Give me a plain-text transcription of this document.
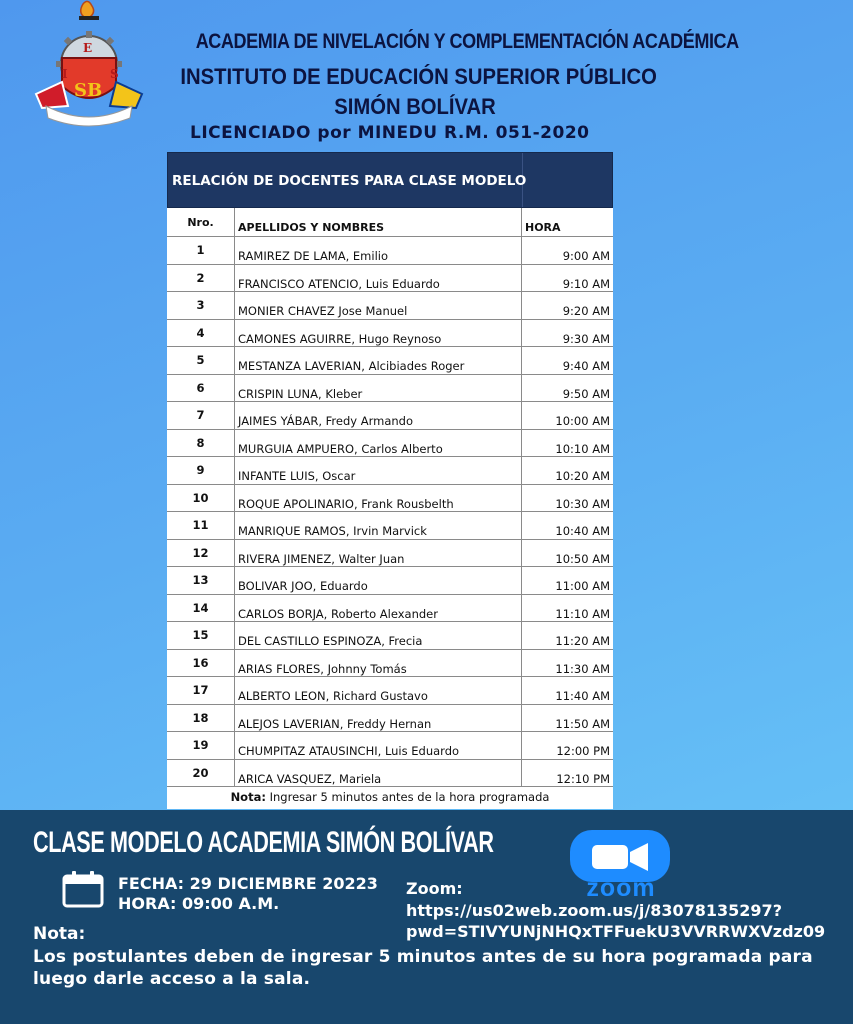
I
E
S
SB
ACADEMIA DE NIVELACIÓN Y COMPLEMENTACIÓN ACADÉMICA
INSTITUTO DE EDUCACIÓN SUPERIOR PÚBLICO
SIMÓN BOLÍVAR
LICENCIADO por MINEDU R.M. 051-2020
RELACIÓN DE DOCENTES PARA CLASE MODELO
Nro.	APELLIDOS Y NOMBRES	HORA
1	RAMIREZ DE LAMA, Emilio	9:00 AM
2	FRANCISCO ATENCIO, Luis Eduardo	9:10 AM
3	MONIER CHAVEZ Jose Manuel	9:20 AM
4	CAMONES AGUIRRE, Hugo Reynoso	9:30 AM
5	MESTANZA LAVERIAN, Alcibiades Roger	9:40 AM
6	CRISPIN LUNA, Kleber	9:50 AM
7	JAIMES YÁBAR, Fredy Armando	10:00 AM
8	MURGUIA AMPUERO, Carlos Alberto	10:10 AM
9	INFANTE LUIS, Oscar	10:20 AM
10	ROQUE APOLINARIO, Frank Rousbelth	10:30 AM
11	MANRIQUE RAMOS, Irvin Marvick	10:40 AM
12	RIVERA JIMENEZ, Walter Juan	10:50 AM
13	BOLIVAR JOO, Eduardo	11:00 AM
14	CARLOS BORJA, Roberto Alexander	11:10 AM
15	DEL CASTILLO ESPINOZA, Frecia	11:20 AM
16	ARIAS FLORES, Johnny Tomás	11:30 AM
17	ALBERTO LEON, Richard Gustavo	11:40 AM
18	ALEJOS LAVERIAN, Freddy Hernan	11:50 AM
19	CHUMPITAZ ATAUSINCHI, Luis Eduardo	12:00 PM
20	ARICA VASQUEZ, Mariela	12:10 PM
Nota: Ingresar 5 minutos antes de la hora programada
CLASE MODELO ACADEMIA SIMÓN BOLÍVAR
FECHA: 29 DICIEMBRE 20223
HORA: 09:00 A.M.
zoom
Zoom:
https://us02web.zoom.us/j/83078135297?
pwd=STIVYUNjNHQxTFFuekU3VVRRWXVzdz09
Nota:
Los postulantes deben de ingresar 5 minutos antes de su hora pogramada para luego darle acceso a la sala.
